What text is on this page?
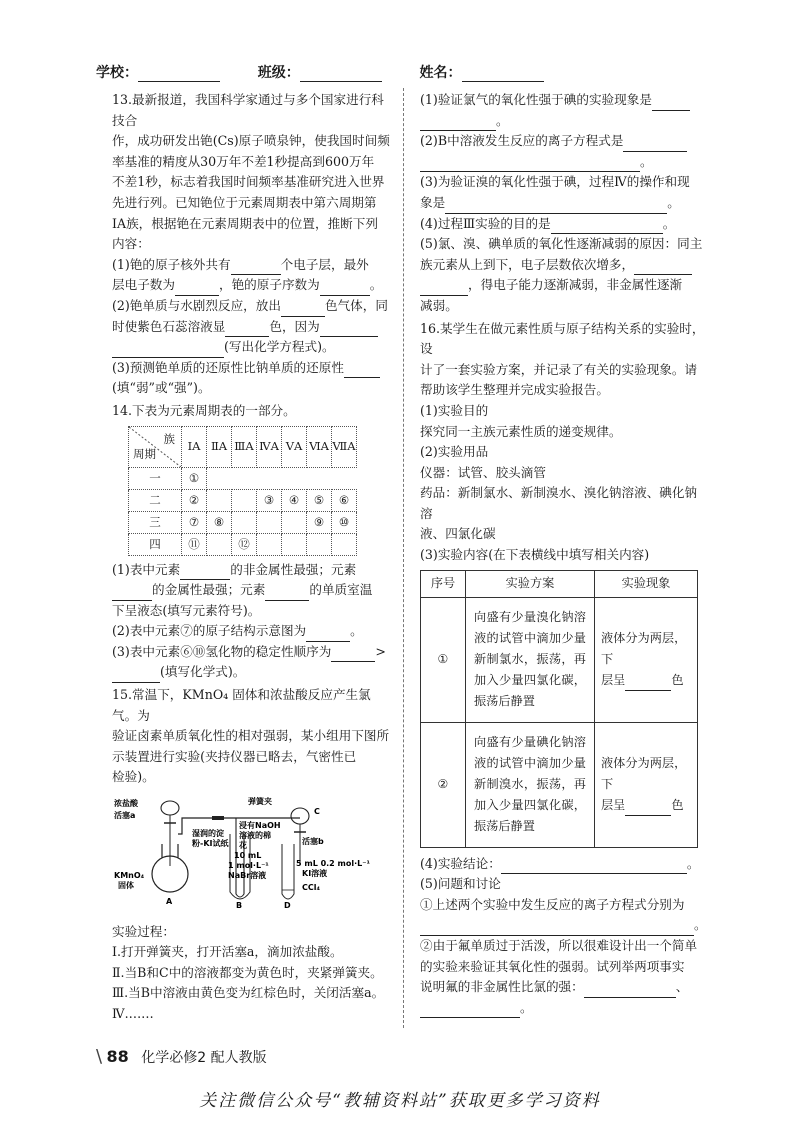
学校：	班级：	姓名：

13.最新报道，我国科学家通过与多个国家进行科技合

作，成功研发出铯(Cs)原子喷泉钟，使我国时间频

率基准的精度从30万年不差1秒提高到600万年

不差1秒，标志着我国时间频率基准研究进入世界

先进行列。已知铯位于元素周期表中第六周期第

ⅠA族，根据铯在元素周期表中的位置，推断下列

内容：

(1)铯的原子核外共有	个电子层，最外

层电子数为	，铯的原子序数为	。

(2)铯单质与水剧烈反应，放出	色气体，同

时使紫色石蕊溶液显	色，因为

(写出化学方程式)。

(3)预测铯单质的还原性比钠单质的还原性

(填“弱”或“强”)。

14.下表为元素周期表的一部分。

族
周期	ⅠA	ⅡA	ⅢA	ⅣA	ⅤA	ⅥA	ⅦA
一	①						
二	②			③	④	⑤	⑥
三	⑦	⑧				⑨	⑩
四	⑪		⑫				

(1)表中元素	的非金属性最强；元素

的金属性最强；元素	的单质室温

下呈液态(填写元素符号)。

(2)表中元素⑦的原子结构示意图为	。

(3)表中元素⑥⑩氢化物的稳定性顺序为	>

(填写化学式)。

15.常温下，KMnO₄ 固体和浓盐酸反应产生氯气。为

验证卤素单质氧化性的相对强弱，某小组用下图所

示装置进行实验(夹持仪器已略去，气密性已

检验)。

浓盐酸
活塞a
弹簧夹
湿润的淀
粉-KI试纸
浸有NaOH
溶液的棉
花
C
活塞b
10 mL
1 mol·L⁻¹
NaBr溶液
5 mL 0.2 mol·L⁻¹
KI溶液
CCl₄
KMnO₄
固体
A	B	D

实验过程：

Ⅰ.打开弹簧夹，打开活塞a，滴加浓盐酸。

Ⅱ.当B和C中的溶液都变为黄色时，夹紧弹簧夹。

Ⅲ.当B中溶液由黄色变为红棕色时，关闭活塞a。

Ⅳ.……

(1)验证氯气的氧化性强于碘的实验现象是

。

(2)B中溶液发生反应的离子方程式是

。

(3)为验证溴的氧化性强于碘，过程Ⅳ的操作和现

象是	。

(4)过程Ⅲ实验的目的是	。

(5)氯、溴、碘单质的氧化性逐渐减弱的原因：同主

族元素从上到下，电子层数依次增多，

，得电子能力逐渐减弱，非金属性逐渐

减弱。

16.某学生在做元素性质与原子结构关系的实验时，设

计了一套实验方案，并记录了有关的实验现象。请

帮助该学生整理并完成实验报告。

(1)实验目的

探究同一主族元素性质的递变规律。

(2)实验用品

仪器：试管、胶头滴管

药品：新制氯水、新制溴水、溴化钠溶液、碘化钠溶

液、四氯化碳

(3)实验内容(在下表横线中填写相关内容)

序号	实验方案	实验现象
①	向盛有少量溴化钠溶液的试管中滴加少量新制氯水，振荡，再加入少量四氯化碳，振荡后静置	液体分为两层，下
层呈 色
②	向盛有少量碘化钠溶液的试管中滴加少量新制溴水，振荡，再加入少量四氯化碳，振荡后静置	液体分为两层，下
层呈 色

(4)实验结论：	。

(5)问题和讨论

①上述两个实验中发生反应的离子方程式分别为

。

②由于氟单质过于活泼，所以很难设计出一个简单

的实验来验证其氧化性的强弱。试列举两项事实

说明氟的非金属性比氯的强：	、

。

\ 88 化学必修2 配人教版
关注微信公众号“教辅资料站”获取更多学习资料
